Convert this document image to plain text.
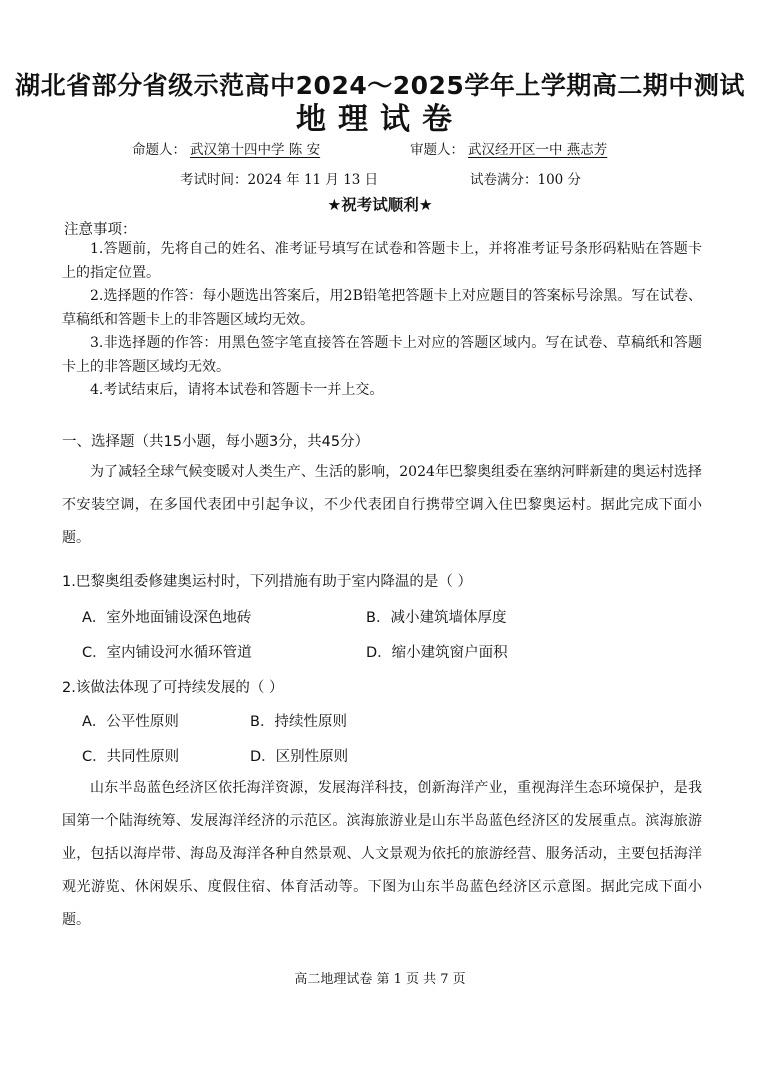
湖北省部分省级示范高中2024～2025学年上学期高二期中测试
地理试卷
命题人： 武汉第十四中学 陈 安	审题人： 武汉经开区一中 燕志芳
考试时间：2024 年 11 月 13 日	试卷满分：100 分
★祝考试顺利★
注意事项：

1.答题前，先将自己的姓名、准考证号填写在试卷和答题卡上，并将准考证号条形码粘贴在答题卡上的指定位置。

2.选择题的作答：每小题选出答案后，用2B铅笔把答题卡上对应题目的答案标号涂黑。写在试卷、草稿纸和答题卡上的非答题区域均无效。

3.非选择题的作答：用黑色签字笔直接答在答题卡上对应的答题区域内。写在试卷、草稿纸和答题卡上的非答题区域均无效。

4.考试结束后，请将本试卷和答题卡一并上交。

一、选择题（共15小题，每小题3分，共45分）

为了减轻全球气候变暖对人类生产、生活的影响，2024年巴黎奥组委在塞纳河畔新建的奥运村选择不安装空调，在多国代表团中引起争议，不少代表团自行携带空调入住巴黎奥运村。据此完成下面小题。

1.巴黎奥组委修建奥运村时，下列措施有助于室内降温的是（ ）
A．室外地面铺设深色地砖	B．减小建筑墙体厚度
C．室内铺设河水循环管道	D．缩小建筑窗户面积
2.该做法体现了可持续发展的（ ）
A．公平性原则	B．持续性原则
C．共同性原则	D．区别性原则

山东半岛蓝色经济区依托海洋资源，发展海洋科技，创新海洋产业，重视海洋生态环境保护，是我国第一个陆海统筹、发展海洋经济的示范区。滨海旅游业是山东半岛蓝色经济区的发展重点。滨海旅游业，包括以海岸带、海岛及海洋各种自然景观、人文景观为依托的旅游经营、服务活动，主要包括海洋观光游览、休闲娱乐、度假住宿、体育活动等。下图为山东半岛蓝色经济区示意图。据此完成下面小题。

高二地理试卷 第 1 页 共 7 页
